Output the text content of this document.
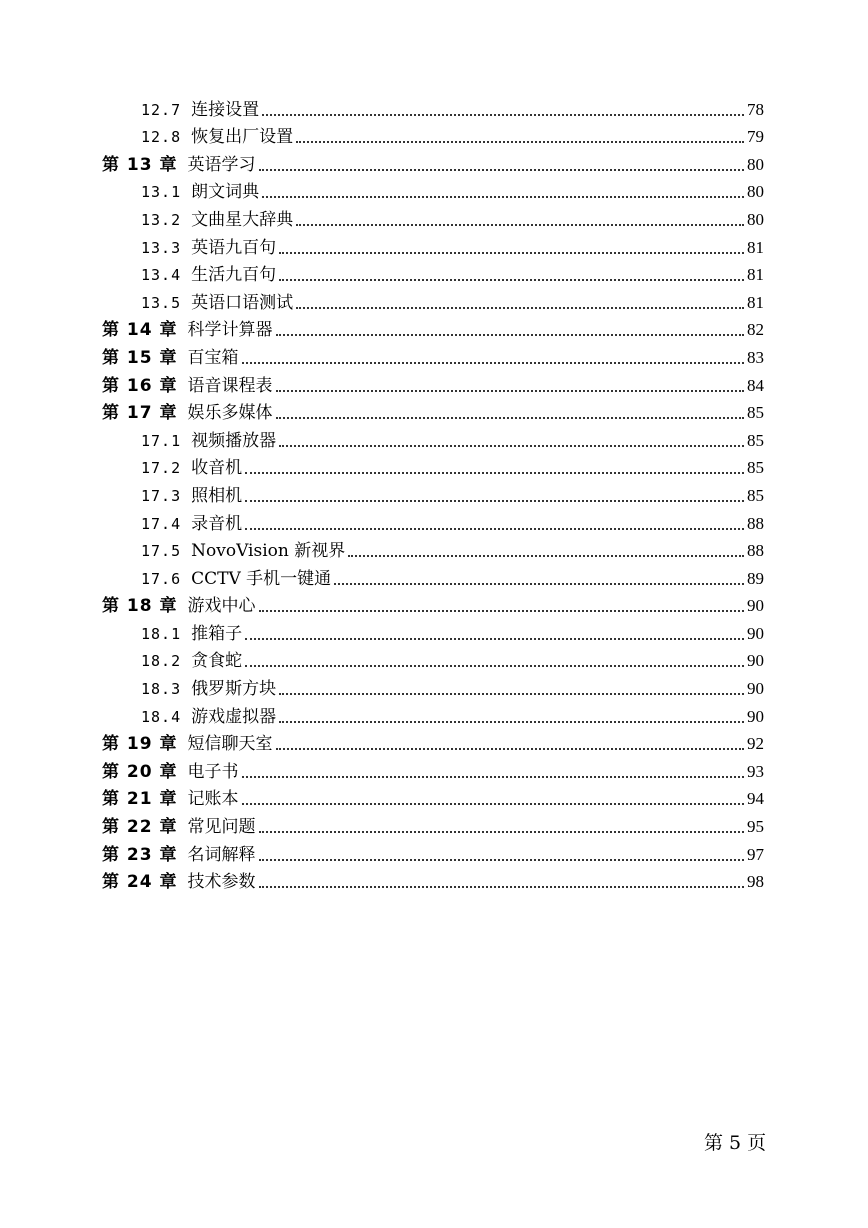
12.7 连接设置	78
12.8 恢复出厂设置	79
第 13 章 英语学习	80
13.1 朗文词典	80
13.2 文曲星大辞典	80
13.3 英语九百句	81
13.4 生活九百句	81
13.5 英语口语测试	81
第 14 章 科学计算器	82
第 15 章 百宝箱	83
第 16 章 语音课程表	84
第 17 章 娱乐多媒体	85
17.1 视频播放器	85
17.2 收音机	85
17.3 照相机	85
17.4 录音机	88
17.5 NovoVision 新视界	88
17.6 CCTV 手机一键通	89
第 18 章 游戏中心	90
18.1 推箱子	90
18.2 贪食蛇	90
18.3 俄罗斯方块	90
18.4 游戏虚拟器	90
第 19 章 短信聊天室	92
第 20 章 电子书	93
第 21 章 记账本	94
第 22 章 常见问题	95
第 23 章 名词解释	97
第 24 章 技术参数	98
第 5 页
